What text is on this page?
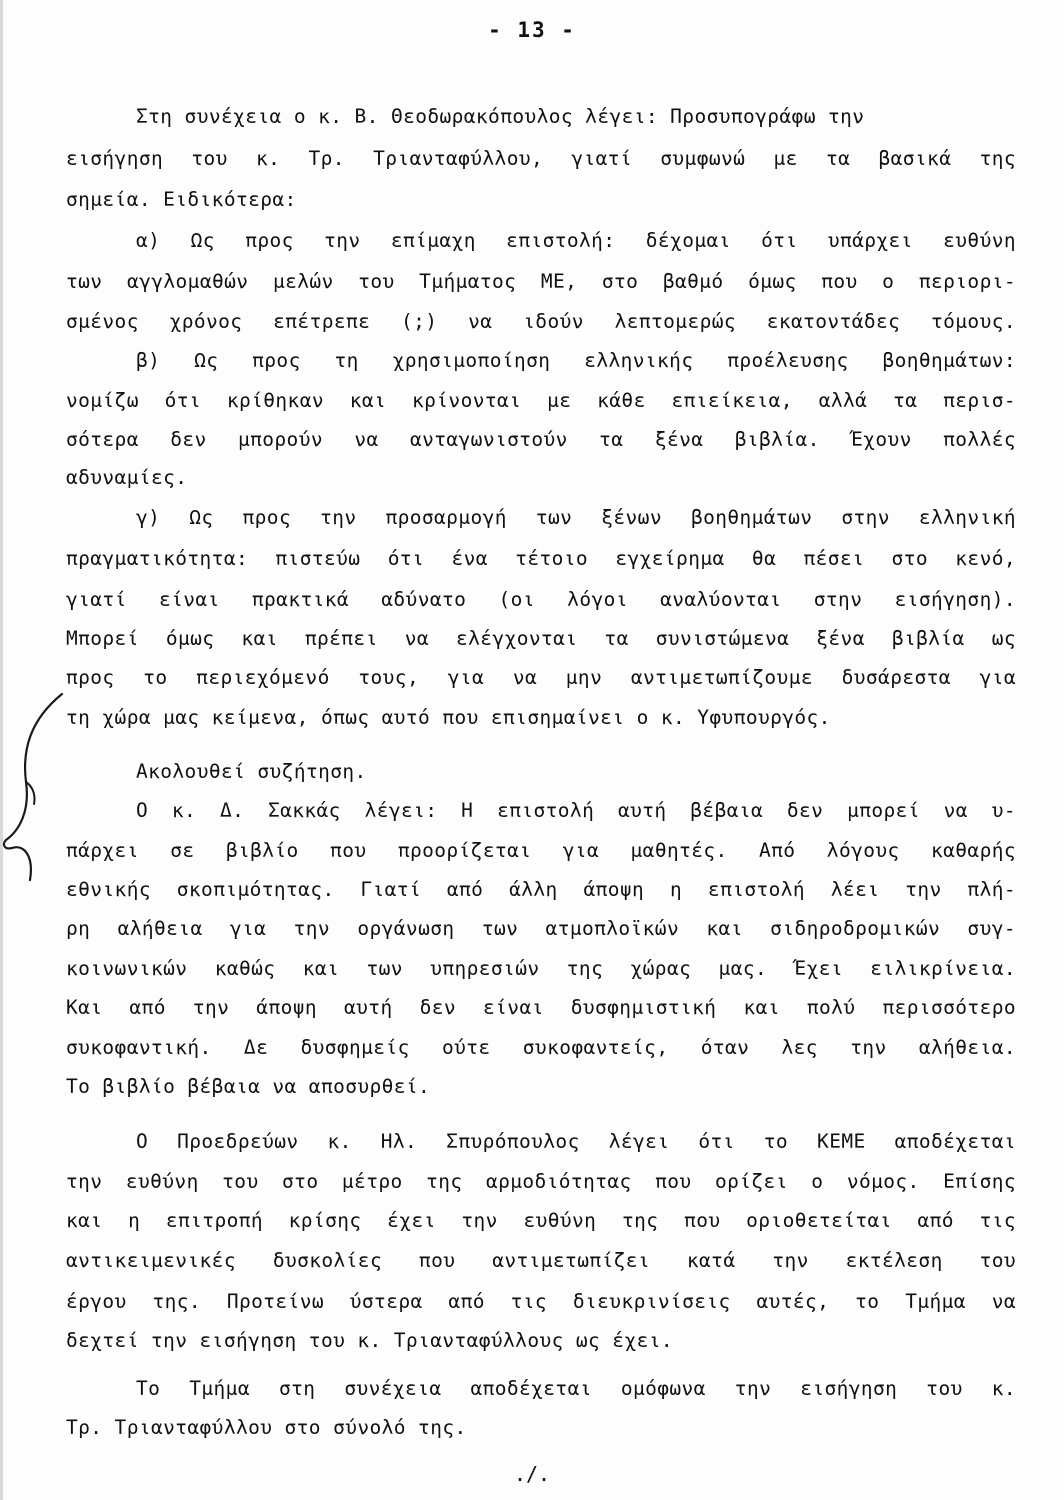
- 13 -
Στη συνέχεια ο κ. Β. Θεοδωρακόπουλος λέγει: Προσυπογράφω την
εισήγηση του κ. Τρ. Τριανταφύλλου, γιατί συμφωνώ με τα βασικά της
σημεία. Ειδικότερα:
α) Ως προς την επίμαχη επιστολή: δέχομαι ότι υπάρχει ευθύνη
των αγγλομαθών μελών του Τμήματος ΜΕ, στο βαθμό όμως που ο περιορι-
σμένος χρόνος επέτρεπε (;) να ιδούν λεπτομερώς εκατοντάδες τόμους.
β) Ως προς τη χρησιμοποίηση ελληνικής προέλευσης βοηθημάτων:
νομίζω ότι κρίθηκαν και κρίνονται με κάθε επιείκεια, αλλά τα περισ-
σότερα δεν μπορούν να ανταγωνιστούν τα ξένα βιβλία. Έχουν πολλές
αδυναμίες.
γ) Ως προς την προσαρμογή των ξένων βοηθημάτων στην ελληνική
πραγματικότητα: πιστεύω ότι ένα τέτοιο εγχείρημα θα πέσει στο κενό,
γιατί είναι πρακτικά αδύνατο (οι λόγοι αναλύονται στην εισήγηση).
Μπορεί όμως και πρέπει να ελέγχονται τα συνιστώμενα ξένα βιβλία ως
προς το περιεχόμενό τους, για να μην αντιμετωπίζουμε δυσάρεστα για
τη χώρα μας κείμενα, όπως αυτό που επισημαίνει ο κ. Υφυπουργός.
Ακολουθεί συζήτηση.
Ο κ. Δ. Σακκάς λέγει: Η επιστολή αυτή βέβαια δεν μπορεί να υ-
πάρχει σε βιβλίο που προορίζεται για μαθητές. Από λόγους καθαρής
εθνικής σκοπιμότητας. Γιατί από άλλη άποψη η επιστολή λέει την πλή-
ρη αλήθεια για την οργάνωση των ατμοπλοϊκών και σιδηροδρομικών συγ-
κοινωνικών καθώς και των υπηρεσιών της χώρας μας. Έχει ειλικρίνεια.
Και από την άποψη αυτή δεν είναι δυσφημιστική και πολύ περισσότερο
συκοφαντική. Δε δυσφημείς ούτε συκοφαντείς, όταν λες την αλήθεια.
Το βιβλίο βέβαια να αποσυρθεί.
Ο Προεδρεύων κ. Ηλ. Σπυρόπουλος λέγει ότι το ΚΕΜΕ αποδέχεται
την ευθύνη του στο μέτρο της αρμοδιότητας που ορίζει ο νόμος. Επίσης
και η επιτροπή κρίσης έχει την ευθύνη της που οριοθετείται από τις
αντικειμενικές δυσκολίες που αντιμετωπίζει κατά την εκτέλεση του
έργου της. Προτείνω ύστερα από τις διευκρινίσεις αυτές, το Τμήμα να
δεχτεί την εισήγηση του κ. Τριανταφύλλους ως έχει.
Το Τμήμα στη συνέχεια αποδέχεται ομόφωνα την εισήγηση του κ.
Τρ. Τριανταφύλλου στο σύνολό της.
./.
